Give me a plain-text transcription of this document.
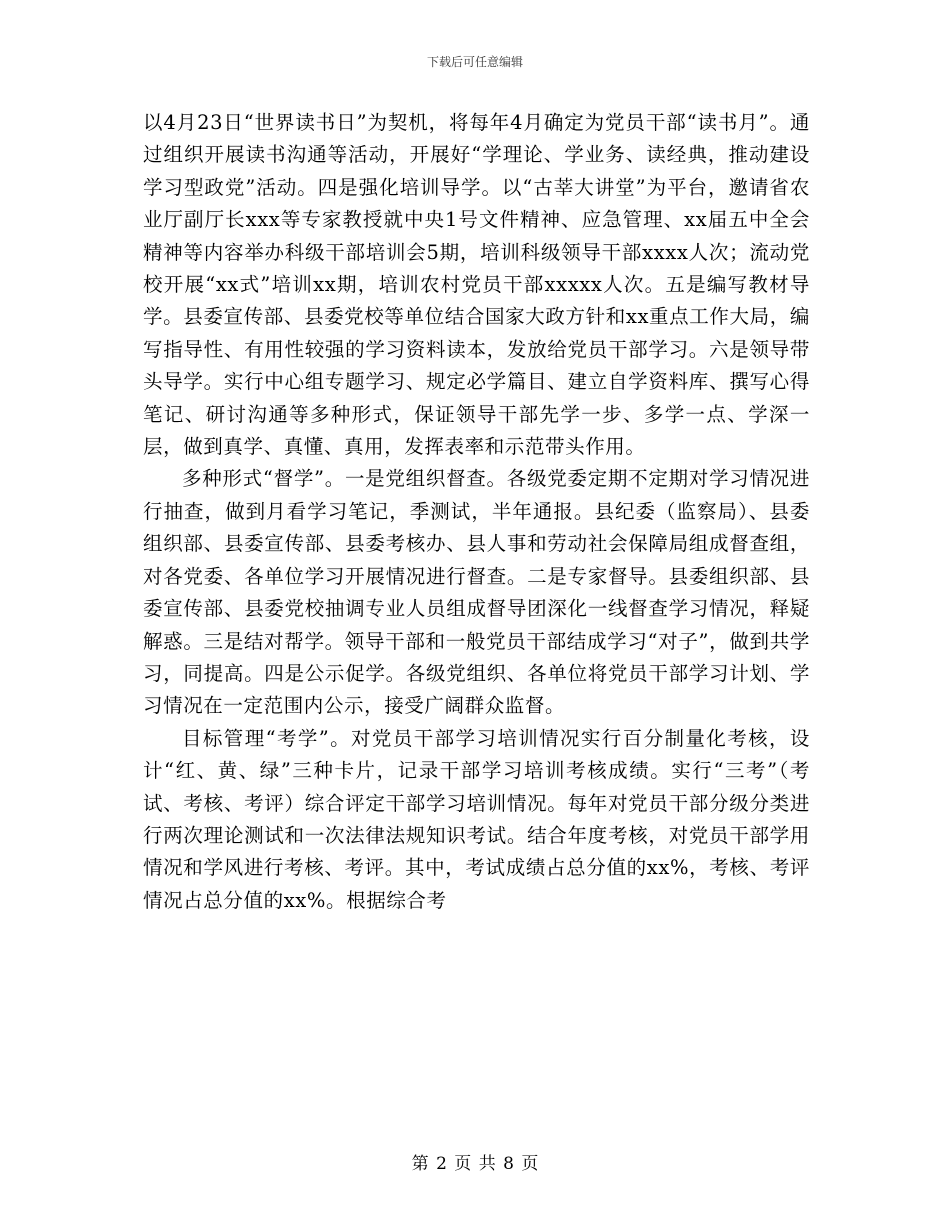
下载后可任意编辑

以4月23日“世界读书日”为契机，将每年4月确定为党员干部“读书月”。通过组织开展读书沟通等活动，开展好“学理论、学业务、读经典，推动建设学习型政党”活动。四是强化培训导学。以“古莘大讲堂”为平台，邀请省农业厅副厅长xxx等专家教授就中央1号文件精神、应急管理、xx届五中全会精神等内容举办科级干部培训会5期，培训科级领导干部xxxx人次；流动党校开展“xx式”培训xx期，培训农村党员干部xxxxx人次。五是编写教材导学。县委宣传部、县委党校等单位结合国家大政方针和xx重点工作大局，编写指导性、有用性较强的学习资料读本，发放给党员干部学习。六是领导带头导学。实行中心组专题学习、规定必学篇目、建立自学资料库、撰写心得笔记、研讨沟通等多种形式，保证领导干部先学一步、多学一点、学深一层，做到真学、真懂、真用，发挥表率和示范带头作用。

多种形式“督学”。一是党组织督查。各级党委定期不定期对学习情况进行抽查，做到月看学习笔记，季测试，半年通报。县纪委（监察局）、县委组织部、县委宣传部、县委考核办、县人事和劳动社会保障局组成督查组，对各党委、各单位学习开展情况进行督查。二是专家督导。县委组织部、县委宣传部、县委党校抽调专业人员组成督导团深化一线督查学习情况，释疑解惑。三是结对帮学。领导干部和一般党员干部结成学习“对子”，做到共学习，同提高。四是公示促学。各级党组织、各单位将党员干部学习计划、学习情况在一定范围内公示，接受广阔群众监督。

目标管理“考学”。对党员干部学习培训情况实行百分制量化考核，设计“红、黄、绿”三种卡片，记录干部学习培训考核成绩。实行“三考”（考试、考核、考评）综合评定干部学习培训情况。每年对党员干部分级分类进行两次理论测试和一次法律法规知识考试。结合年度考核，对党员干部学用情况和学风进行考核、考评。其中，考试成绩占总分值的xx%，考核、考评情况占总分值的xx%。根据综合考

第 2 页 共 8 页
